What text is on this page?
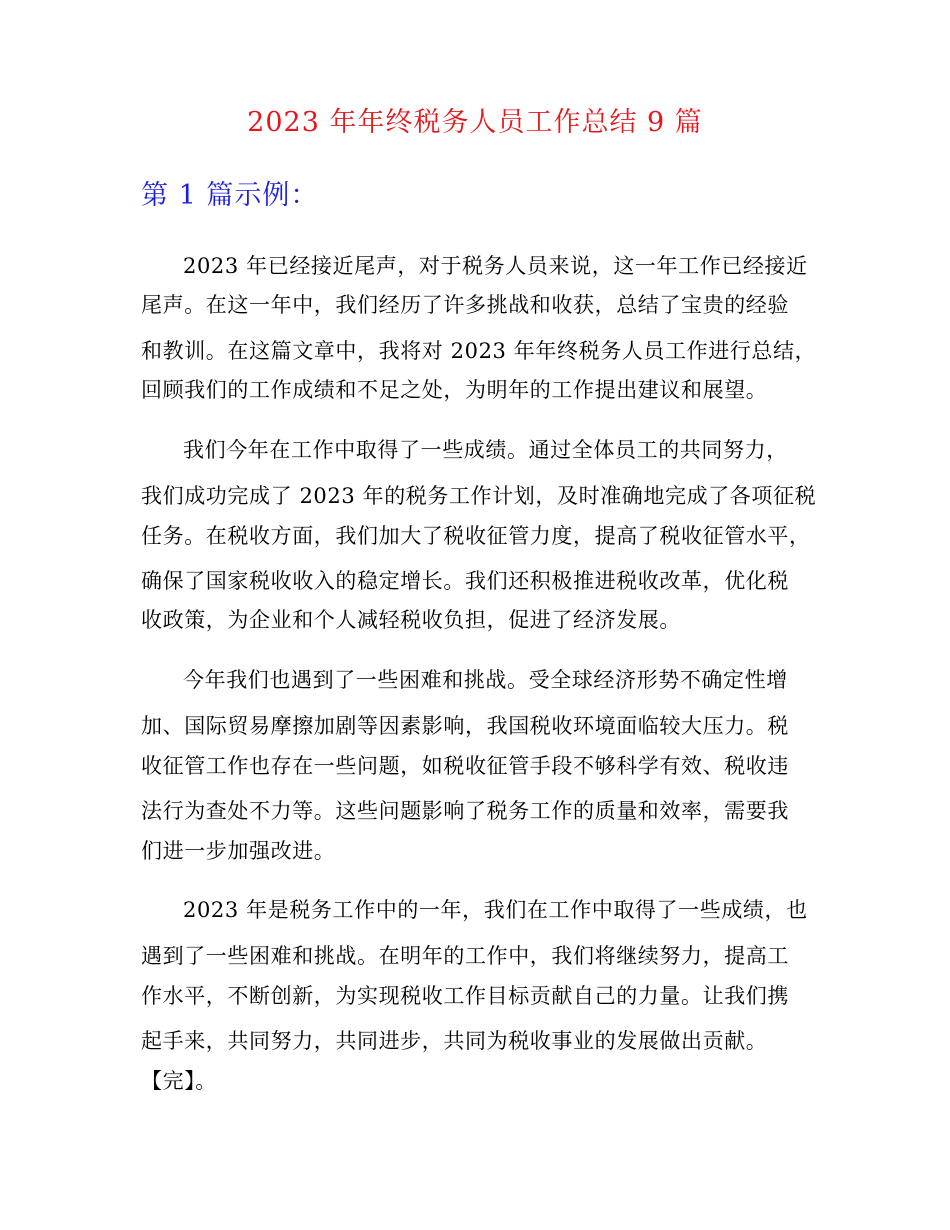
2023 年年终税务人员工作总结 9 篇
第 1 篇示例：
2023 年已经接近尾声，对于税务人员来说，这一年工作已经接近
尾声。在这一年中，我们经历了许多挑战和收获，总结了宝贵的经验
和教训。在这篇文章中，我将对 2023 年年终税务人员工作进行总结，
回顾我们的工作成绩和不足之处，为明年的工作提出建议和展望。
我们今年在工作中取得了一些成绩。通过全体员工的共同努力，
我们成功完成了 2023 年的税务工作计划，及时准确地完成了各项征税
任务。在税收方面，我们加大了税收征管力度，提高了税收征管水平，
确保了国家税收收入的稳定增长。我们还积极推进税收改革，优化税
收政策，为企业和个人减轻税收负担，促进了经济发展。
今年我们也遇到了一些困难和挑战。受全球经济形势不确定性增
加、国际贸易摩擦加剧等因素影响，我国税收环境面临较大压力。税
收征管工作也存在一些问题，如税收征管手段不够科学有效、税收违
法行为查处不力等。这些问题影响了税务工作的质量和效率，需要我
们进一步加强改进。
2023 年是税务工作中的一年，我们在工作中取得了一些成绩，也
遇到了一些困难和挑战。在明年的工作中，我们将继续努力，提高工
作水平，不断创新，为实现税收工作目标贡献自己的力量。让我们携
起手来，共同努力，共同进步，共同为税收事业的发展做出贡献。
【完】。
